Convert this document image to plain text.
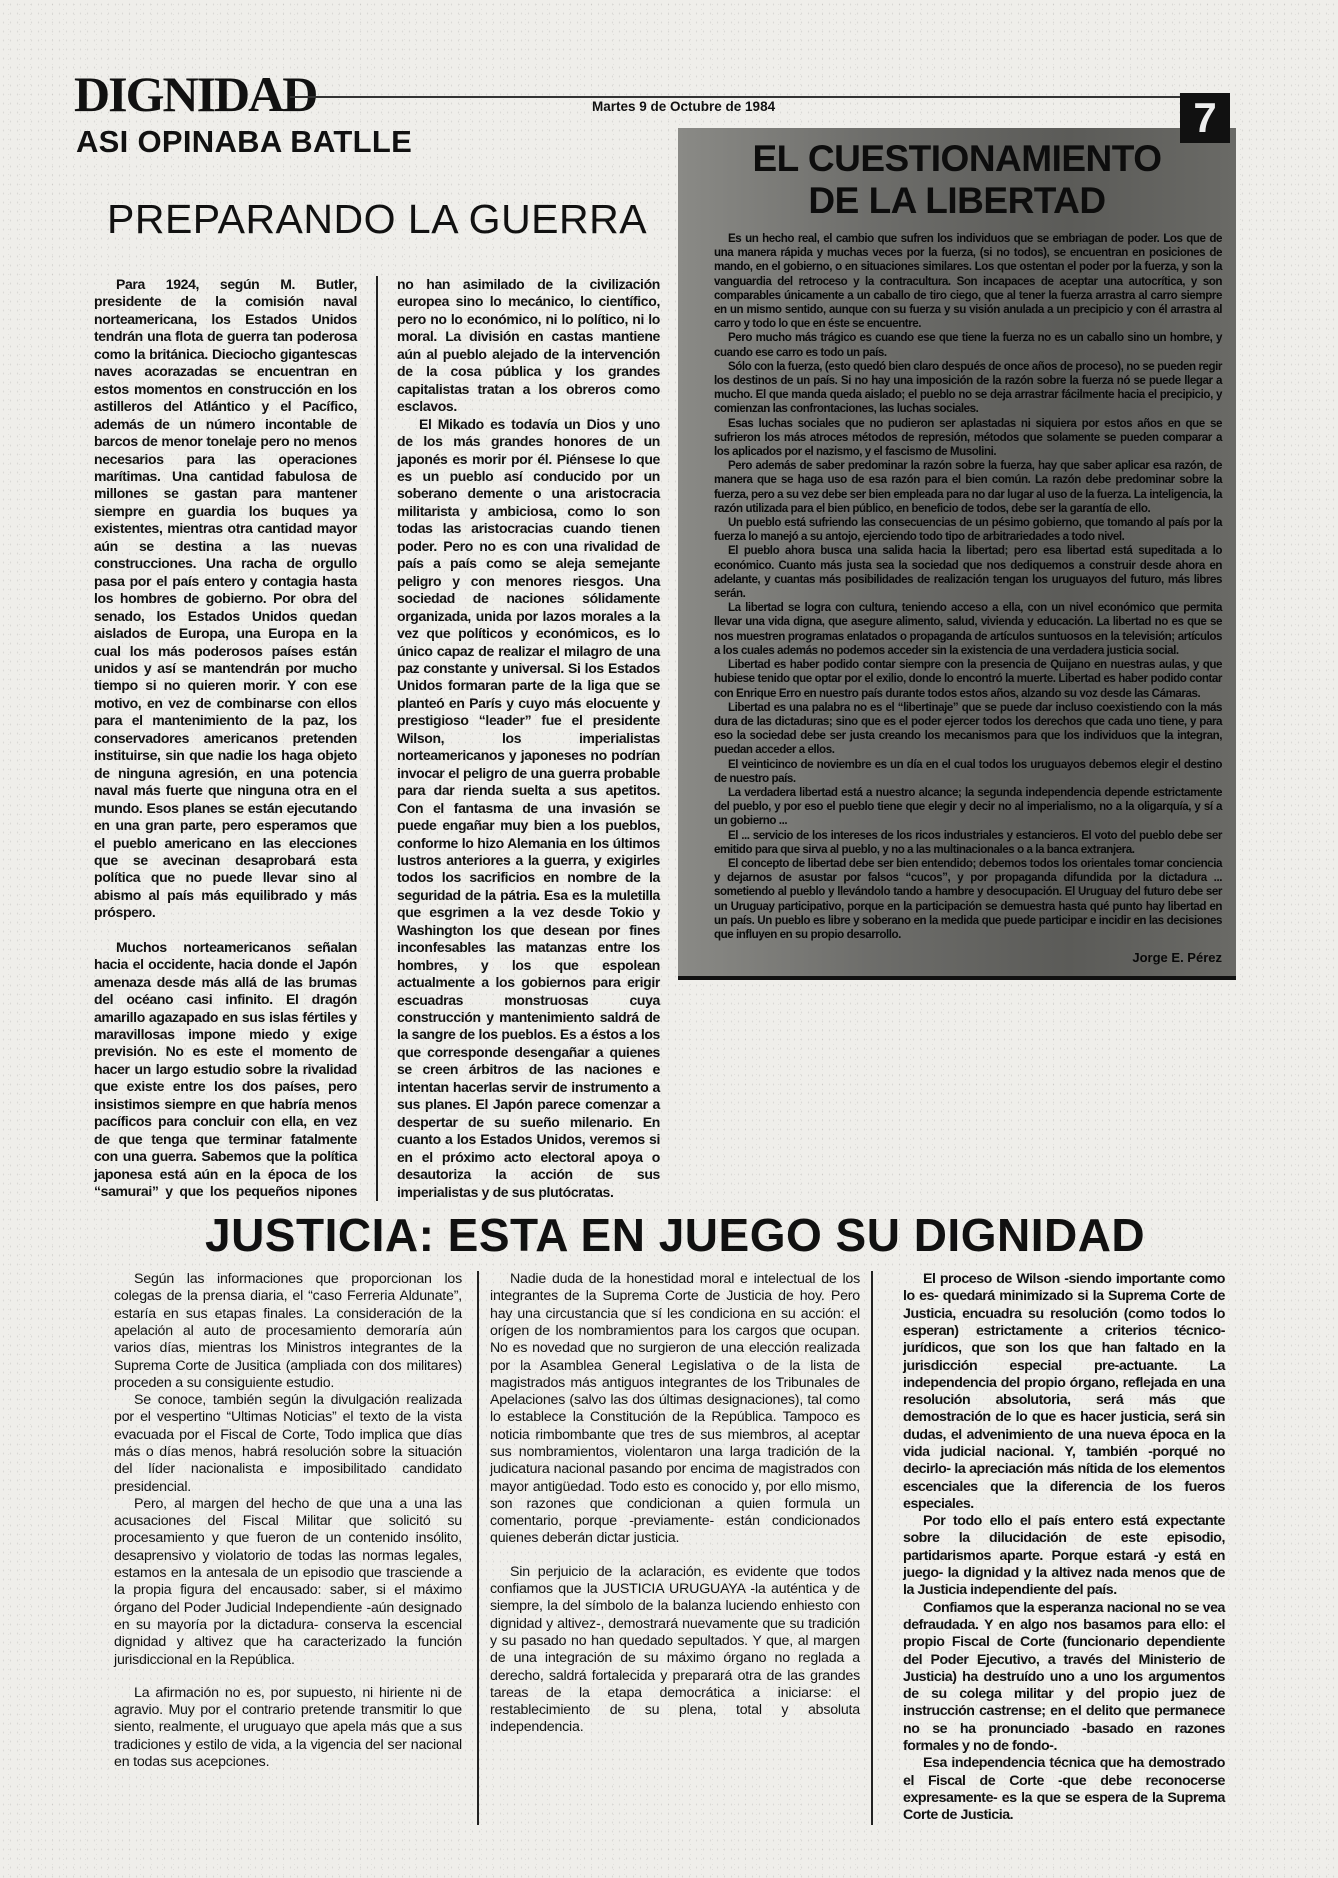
DIGNIDAD	Martes 9 de Octubre de 1984	7
ASI OPINABA BATLLE
PREPARANDO LA GUERRA

Para 1924, según M. Butler, presidente de la comisión naval norteamericana, los Estados Unidos tendrán una flota de guerra tan poderosa como la británica. Dieciocho gigantescas naves acorazadas se encuentran en estos momentos en construcción en los astilleros del Atlántico y el Pacífico, además de un número incontable de barcos de menor tonelaje pero no menos necesarios para las operaciones marítimas. Una cantidad fabulosa de millones se gastan para mantener siempre en guardia los buques ya existentes, mientras otra cantidad mayor aún se destina a las nuevas construcciones. Una racha de orgullo pasa por el país entero y contagia hasta los hombres de gobierno. Por obra del senado, los Estados Unidos quedan aislados de Europa, una Europa en la cual los más poderosos países están unidos y así se mantendrán por mucho tiempo si no quieren morir. Y con ese motivo, en vez de combinarse con ellos para el mantenimiento de la paz, los conservadores americanos pretenden instituirse, sin que nadie los haga objeto de ninguna agresión, en una potencia naval más fuerte que ninguna otra en el mundo. Esos planes se están ejecutando en una gran parte, pero esperamos que el pueblo americano en las elecciones que se avecinan desaprobará esta política que no puede llevar sino al abismo al país más equilibrado y más próspero.

Muchos norteamericanos señalan hacia el occidente, hacia donde el Japón amenaza desde más allá de las brumas del océano casi infinito. El dragón amarillo agazapado en sus islas fértiles y maravillosas impone miedo y exige previsión. No es este el momento de hacer un largo estudio sobre la rivalidad que existe entre los dos países, pero insistimos siempre en que habría menos pacíficos para concluir con ella, en vez de que tenga que terminar fatalmente con una guerra. Sabemos que la política japonesa está aún en la época de los “samurai” y que los pequeños nipones no han asimilado de la civilización europea sino lo mecánico, lo científico, pero no lo económico, ni lo político, ni lo moral. La división en castas mantiene aún al pueblo alejado de la intervención de la cosa pública y los grandes capitalistas tratan a los obreros como esclavos.

El Mikado es todavía un Dios y uno de los más grandes honores de un japonés es morir por él. Piénsese lo que es un pueblo así conducido por un soberano demente o una aristocracia militarista y ambiciosa, como lo son todas las aristocracias cuando tienen poder. Pero no es con una rivalidad de país a país como se aleja semejante peligro y con menores riesgos. Una sociedad de naciones sólidamente organizada, unida por lazos morales a la vez que políticos y económicos, es lo único capaz de realizar el milagro de una paz constante y universal. Si los Estados Unidos formaran parte de la liga que se planteó en París y cuyo más elocuente y prestigioso “leader” fue el presidente Wilson, los imperialistas norteamericanos y japoneses no podrían invocar el peligro de una guerra probable para dar rienda suelta a sus apetitos. Con el fantasma de una invasión se puede engañar muy bien a los pueblos, conforme lo hizo Alemania en los últimos lustros anteriores a la guerra, y exigirles todos los sacrificios en nombre de la seguridad de la pátria. Esa es la muletilla que esgrimen a la vez desde Tokio y Washington los que desean por fines inconfesables las matanzas entre los hombres, y los que espolean actualmente a los gobiernos para erigir escuadras monstruosas cuya construcción y mantenimiento saldrá de la sangre de los pueblos. Es a éstos a los que corresponde desengañar a quienes se creen árbitros de las naciones e intentan hacerlas servir de instrumento a sus planes. El Japón parece comenzar a despertar de su sueño milenario. En cuanto a los Estados Unidos, veremos si en el próximo acto electoral apoya o desautoriza la acción de sus imperialistas y de sus plutócratas.

EL CUESTIONAMIENTO
DE LA LIBERTAD

Es un hecho real, el cambio que sufren los individuos que se embriagan de poder. Los que de una manera rápida y muchas veces por la fuerza, (si no todos), se encuentran en posiciones de mando, en el gobierno, o en situaciones similares. Los que ostentan el poder por la fuerza, y son la vanguardia del retroceso y la contracultura. Son incapaces de aceptar una autocrítica, y son comparables únicamente a un caballo de tiro ciego, que al tener la fuerza arrastra al carro siempre en un mismo sentido, aunque con su fuerza y su visión anulada a un precipicio y con él arrastra al carro y todo lo que en éste se encuentre.

Pero mucho más trágico es cuando ese que tiene la fuerza no es un caballo sino un hombre, y cuando ese carro es todo un país.

Sólo con la fuerza, (esto quedó bien claro después de once años de proceso), no se pueden regir los destinos de un país. Si no hay una imposición de la razón sobre la fuerza nó se puede llegar a mucho. El que manda queda aislado; el pueblo no se deja arrastrar fácilmente hacia el precipicio, y comienzan las confrontaciones, las luchas sociales.

Esas luchas sociales que no pudieron ser aplastadas ni siquiera por estos años en que se sufrieron los más atroces métodos de represión, métodos que solamente se pueden comparar a los aplicados por el nazismo, y el fascismo de Musolini.

Pero además de saber predominar la razón sobre la fuerza, hay que saber aplicar esa razón, de manera que se haga uso de esa razón para el bien común. La razón debe predominar sobre la fuerza, pero a su vez debe ser bien empleada para no dar lugar al uso de la fuerza. La inteligencia, la razón utilizada para el bien público, en beneficio de todos, debe ser la garantía de ello.

Un pueblo está sufriendo las consecuencias de un pésimo gobierno, que tomando al país por la fuerza lo manejó a su antojo, ejerciendo todo tipo de arbitrariedades a todo nivel.

El pueblo ahora busca una salida hacia la libertad; pero esa libertad está supeditada a lo económico. Cuanto más justa sea la sociedad que nos dediquemos a construir desde ahora en adelante, y cuantas más posibilidades de realización tengan los uruguayos del futuro, más libres serán.

La libertad se logra con cultura, teniendo acceso a ella, con un nivel económico que permita llevar una vida digna, que asegure alimento, salud, vivienda y educación. La libertad no es que se nos muestren programas enlatados o propaganda de artículos suntuosos en la televisión; artículos a los cuales además no podemos acceder sin la existencia de una verdadera justicia social.

Libertad es haber podido contar siempre con la presencia de Quijano en nuestras aulas, y que hubiese tenido que optar por el exilio, donde lo encontró la muerte. Libertad es haber podido contar con Enrique Erro en nuestro país durante todos estos años, alzando su voz desde las Cámaras.

Libertad es una palabra no es el “libertinaje” que se puede dar incluso coexistiendo con la más dura de las dictaduras; sino que es el poder ejercer todos los derechos que cada uno tiene, y para eso la sociedad debe ser justa creando los mecanismos para que los individuos que la integran, puedan acceder a ellos.

El veinticinco de noviembre es un día en el cual todos los uruguayos debemos elegir el destino de nuestro país.

La verdadera libertad está a nuestro alcance; la segunda independencia depende estrictamente del pueblo, y por eso el pueblo tiene que elegir y decir no al imperialismo, no a la oligarquía, y sí a un gobierno ...

El ... servicio de los intereses de los ricos industriales y estancieros. El voto del pueblo debe ser emitido para que sirva al pueblo, y no a las multinacionales o a la banca extranjera.

El concepto de libertad debe ser bien entendido; debemos todos los orientales tomar conciencia y dejarnos de asustar por falsos “cucos”, y por propaganda difundida por la dictadura ... sometiendo al pueblo y llevándolo tando a hambre y desocupación. El Uruguay del futuro debe ser un Uruguay participativo, porque en la participación se demuestra hasta qué punto hay libertad en un país. Un pueblo es libre y soberano en la medida que puede participar e incidir en las decisiones que influyen en su propio desarrollo.

Jorge E. Pérez
JUSTICIA: ESTA EN JUEGO SU DIGNIDAD

Según las informaciones que proporcionan los colegas de la prensa diaria, el “caso Ferreria Aldunate”, estaría en sus etapas finales. La consideración de la apelación al auto de procesamiento demoraría aún varios días, mientras los Ministros integrantes de la Suprema Corte de Jusitica (ampliada con dos militares) proceden a su consiguiente estudio.

Se conoce, también según la divulgación realizada por el vespertino “Ultimas Noticias” el texto de la vista evacuada por el Fiscal de Corte, Todo implica que días más o días menos, habrá resolución sobre la situación del líder nacionalista e imposibilitado candidato presidencial.

Pero, al margen del hecho de que una a una las acusaciones del Fiscal Militar que solicitó su procesamiento y que fueron de un contenido insólito, desaprensivo y violatorio de todas las normas legales, estamos en la antesala de un episodio que trasciende a la propia figura del encausado: saber, si el máximo órgano del Poder Judicial Independiente -aún designado en su mayoría por la dictadura- conserva la escencial dignidad y altivez que ha caracterizado la función jurisdiccional en la República.

La afirmación no es, por supuesto, ni hiriente ni de agravio. Muy por el contrario pretende transmitir lo que siento, realmente, el uruguayo que apela más que a sus tradiciones y estilo de vida, a la vigencia del ser nacional en todas sus acepciones.

Nadie duda de la honestidad moral e intelectual de los integrantes de la Suprema Corte de Justicia de hoy. Pero hay una circustancia que sí les condiciona en su acción: el orígen de los nombramientos para los cargos que ocupan. No es novedad que no surgieron de una elección realizada por la Asamblea General Legislativa o de la lista de magistrados más antiguos integrantes de los Tribunales de Apelaciones (salvo las dos últimas designaciones), tal como lo establece la Constitución de la República. Tampoco es noticia rimbombante que tres de sus miembros, al aceptar sus nombramientos, violentaron una larga tradición de la judicatura nacional pasando por encima de magistrados con mayor antigüedad. Todo esto es conocido y, por ello mismo, son razones que condicionan a quien formula un comentario, porque -previamente- están condicionados quienes deberán dictar justicia.

Sin perjuicio de la aclaración, es evidente que todos confiamos que la JUSTICIA URUGUAYA -la auténtica y de siempre, la del símbolo de la balanza luciendo enhiesto con dignidad y altivez-, demostrará nuevamente que su tradición y su pasado no han quedado sepultados. Y que, al margen de una integración de su máximo órgano no reglada a derecho, saldrá fortalecida y preparará otra de las grandes tareas de la etapa democrática a iniciarse: el restablecimiento de su plena, total y absoluta independencia.

El proceso de Wilson -siendo importante como lo es- quedará minimizado si la Suprema Corte de Justicia, encuadra su resolución (como todos lo esperan) estrictamente a criterios técnico-jurídicos, que son los que han faltado en la jurisdicción especial pre-actuante. La independencia del propio órgano, reflejada en una resolución absolutoria, será más que demostración de lo que es hacer justicia, será sin dudas, el advenimiento de una nueva época en la vida judicial nacional. Y, también -porqué no decirlo- la apreciación más nítida de los elementos escenciales que la diferencia de los fueros especiales.

Por todo ello el país entero está expectante sobre la dilucidación de este episodio, partidarismos aparte. Porque estará -y está en juego- la dignidad y la altivez nada menos que de la Justicia independiente del país.

Confiamos que la esperanza nacional no se vea defraudada. Y en algo nos basamos para ello: el propio Fiscal de Corte (funcionario dependiente del Poder Ejecutivo, a través del Ministerio de Justicia) ha destruído uno a uno los argumentos de su colega militar y del propio juez de instrucción castrense; en el delito que permanece no se ha pronunciado -basado en razones formales y no de fondo-.

Esa independencia técnica que ha demostrado el Fiscal de Corte -que debe reconocerse expresamente- es la que se espera de la Suprema Corte de Justicia.
